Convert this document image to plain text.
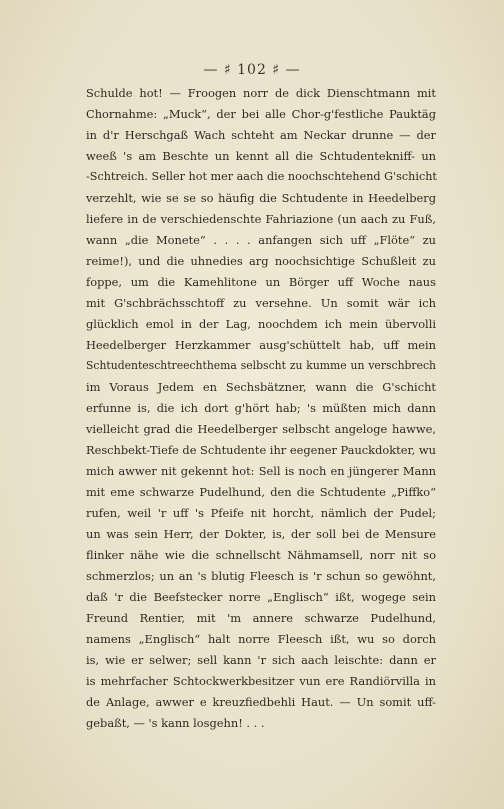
— ♯ 102 ♯ —
Schulde hot! — Froogen norr de dick Dienschtmann mit
Chornahme: „Muck“, der bei alle Chor-g'festliche Pauktäg
in d'r Herschgaß Wach schteht am Neckar drunne — der
weeß 's am Beschte un kennt all die Schtudentekniff- un
-Schtreich. Seller hot mer aach die noochschtehend G'schicht
verzehlt, wie se se so häufig die Schtudente in Heedelberg
liefere in de verschiedenschte Fahriazione (un aach zu Fuß,
wann „die Monete“ . . . . anfangen sich uff „Flöte“ zu
reime!), und die uhnedies arg noochsichtige Schußleit zu
foppe, um die Kamehlitone un Börger uff Woche naus
mit G'schbrächsschtoff zu versehne. Un somit wär ich
glücklich emol in der Lag, noochdem ich mein übervolli
Heedelberger Herzkammer ausg'schüttelt hab, uff mein
Schtudenteschtreechthema selbscht zu kumme un verschbrech
im Voraus Jedem en Sechsbätzner, wann die G'schicht
erfunne is, die ich dort g'hört hab; 's müßten mich dann
vielleicht grad die Heedelberger selbscht angeloge hawwe,
Reschbekt-Tiefe de Schtudente ihr eegener Pauckdokter, wu
mich awwer nit gekennt hot: Sell is noch en jüngerer Mann
mit eme schwarze Pudelhund, den die Schtudente „Piffko“
rufen, weil 'r uff 's Pfeife nit horcht, nämlich der Pudel;
un was sein Herr, der Dokter, is, der soll bei de Mensure
flinker nähe wie die schnellscht Nähmamsell, norr nit so
schmerzlos; un an 's blutig Fleesch is 'r schun so gewöhnt,
daß 'r die Beefstecker norre „Englisch“ ißt, wogege sein
Freund Rentier, mit 'm annere schwarze Pudelhund,
namens „Englisch“ halt norre Fleesch ißt, wu so dorch
is, wie er selwer; sell kann 'r sich aach leischte: dann er
is mehrfacher Schtockwerkbesitzer vun ere Randiörvilla in
de Anlage, awwer e kreuzfiedbehli Haut. — Un somit uff-
gebaßt, — 's kann losgehn! . . .
